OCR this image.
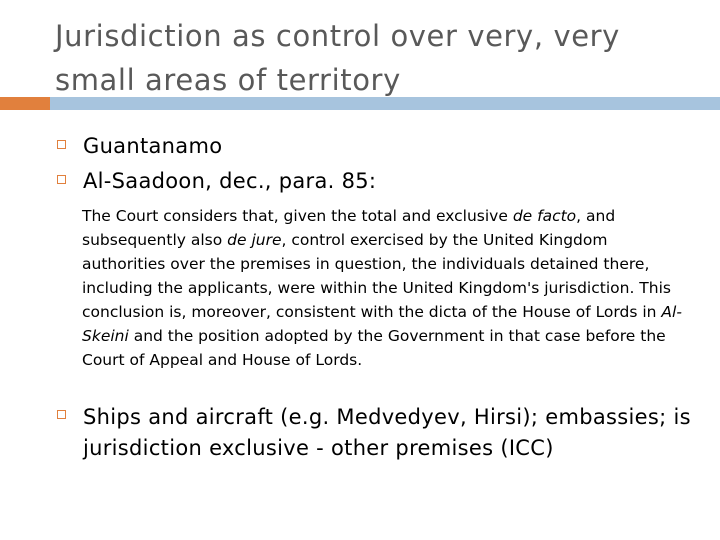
Jurisdiction as control over very, very
small areas of territory
Guantanamo
Al-Saadoon, dec., para. 85:

The Court considers that, given the total and exclusive de facto, and subsequently also de jure, control exercised by the United Kingdom authorities over the premises in question, the individuals detained there, including the applicants, were within the United Kingdom's jurisdiction. This conclusion is, moreover, consistent with the dicta of the House of Lords in Al-Skeini and the position adopted by the Government in that case before the Court of Appeal and House of Lords.

Ships and aircraft (e.g. Medvedyev, Hirsi); embassies; is jurisdiction exclusive - other premises (ICC)
